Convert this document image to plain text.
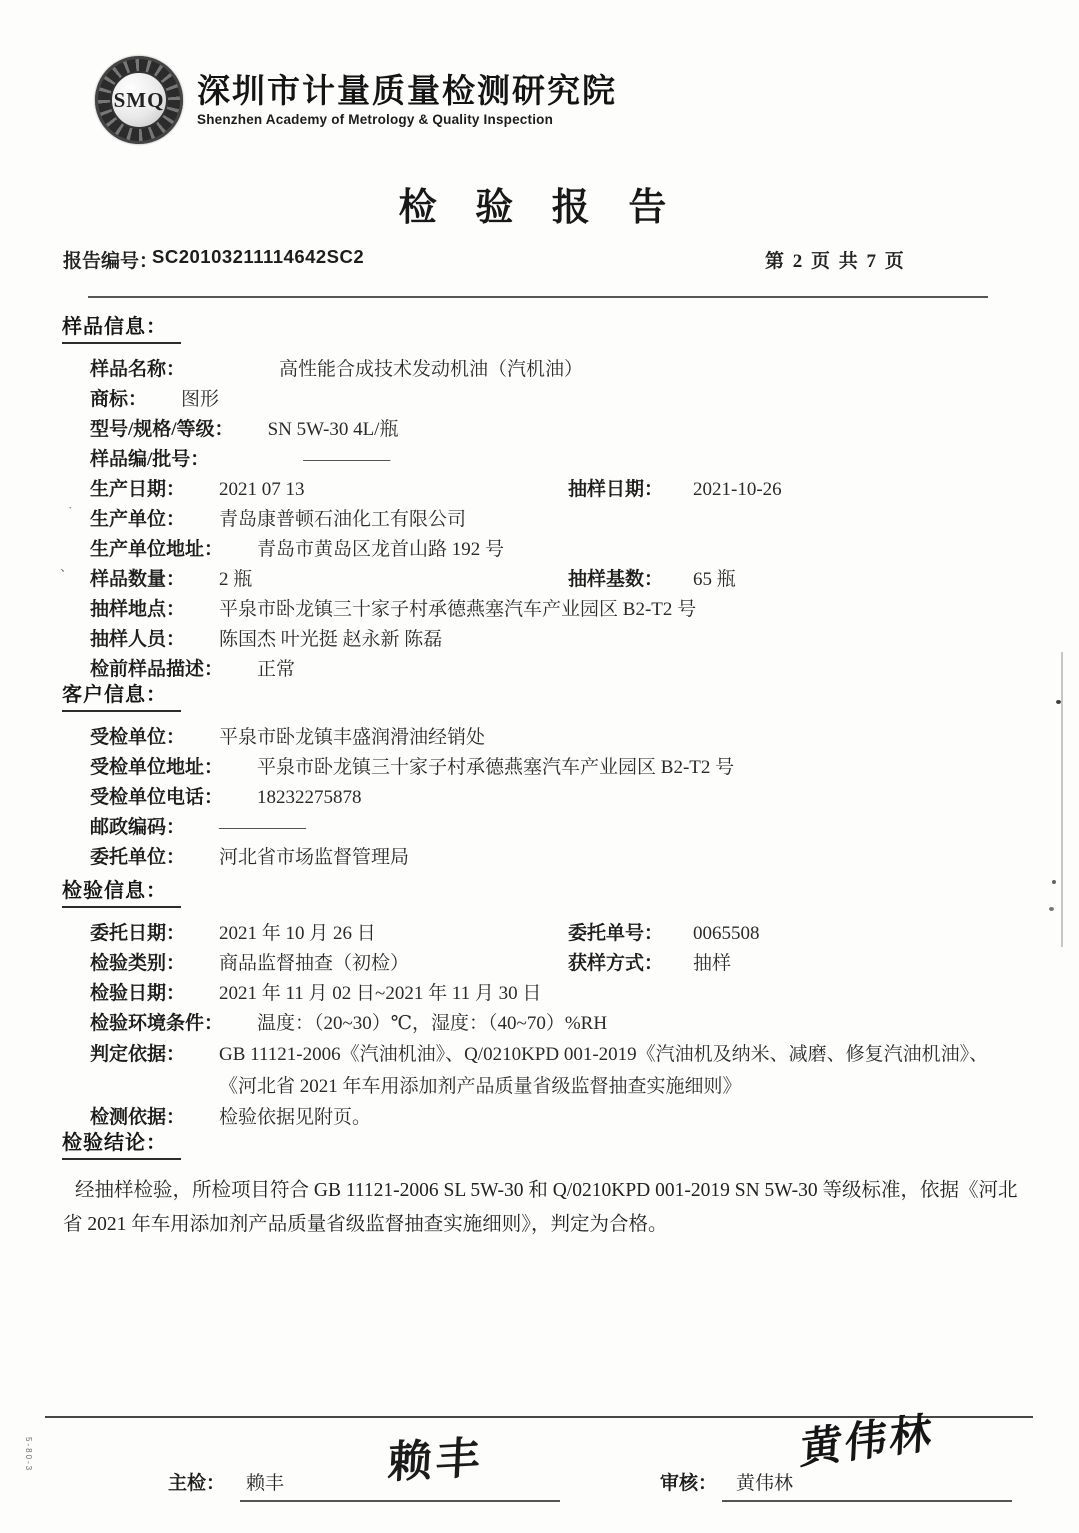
SMQ 深圳市计量质量检测研究院
Shenzhen Academy of Metrology & Quality Inspection
检 验 报 告
报告编号：
SC20103211114642SC2	第 2 页 共 7 页
样品信息：
样品名称：	高性能合成技术发动机油（汽机油）
商标： 图形
型号/规格/等级： SN 5W-30 4L/瓶
样品编/批号：	—————
生产日期： 2021 07 13	抽样日期： 2021-10-26
生产单位： 青岛康普顿石油化工有限公司
生产单位地址： 青岛市黄岛区龙首山路 192 号
样品数量： 2 瓶	抽样基数： 65 瓶
抽样地点： 平泉市卧龙镇三十家子村承德燕塞汽车产业园区 B2-T2 号
抽样人员： 陈国杰 叶光挺 赵永新 陈磊
检前样品描述： 正常
客户信息：
受检单位： 平泉市卧龙镇丰盛润滑油经销处
受检单位地址： 平泉市卧龙镇三十家子村承德燕塞汽车产业园区 B2-T2 号
受检单位电话： 18232275878
邮政编码： —————
委托单位： 河北省市场监督管理局
检验信息：
委托日期： 2021 年 10 月 26 日	委托单号： 0065508
检验类别： 商品监督抽查（初检）	获样方式： 抽样
检验日期： 2021 年 11 月 02 日~2021 年 11 月 30 日
检验环境条件： 温度：（20~30）℃，湿度：（40~70）%RH
判定依据： GB 11121-2006《汽油机油》、Q/0210KPD 001-2019《汽油机及纳米、减磨、修复汽油机油》、《河北省 2021 年车用添加剂产品质量省级监督抽查实施细则》
检测依据： 检验依据见附页。
检验结论：

经抽样检验，所检项目符合 GB 11121-2006 SL 5W-30 和 Q/0210KPD 001-2019 SN 5W-30 等级标准，依据《河北省 2021 年车用添加剂产品质量省级监督抽查实施细则》，判定为合格。

主检： 赖丰 赖丰	审核： 黄伟林
黄伟林
5-80-3
·
、
